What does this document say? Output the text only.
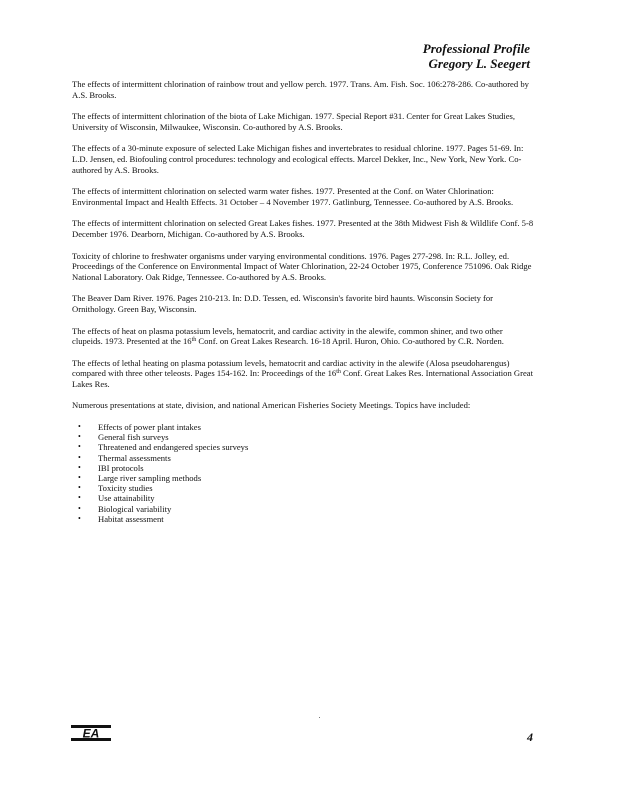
Professional Profile
Gregory L. Seegert

The effects of intermittent chlorination of rainbow trout and yellow perch. 1977. Trans. Am. Fish. Soc. 106:278-286. Co-authored by A.S. Brooks.

The effects of intermittent chlorination of the biota of Lake Michigan. 1977. Special Report #31. Center for Great Lakes Studies, University of Wisconsin, Milwaukee, Wisconsin. Co-authored by A.S. Brooks.

The effects of a 30-minute exposure of selected Lake Michigan fishes and invertebrates to residual chlorine. 1977. Pages 51-69. In: L.D. Jensen, ed. Biofouling control procedures: technology and ecological effects. Marcel Dekker, Inc., New York, New York. Co-authored by A.S. Brooks.

The effects of intermittent chlorination on selected warm water fishes. 1977. Presented at the Conf. on Water Chlorination: Environmental Impact and Health Effects. 31 October – 4 November 1977. Gatlinburg, Tennessee. Co-authored by A.S. Brooks.

The effects of intermittent chlorination on selected Great Lakes fishes. 1977. Presented at the 38th Midwest Fish & Wildlife Conf. 5-8 December 1976. Dearborn, Michigan. Co-authored by A.S. Brooks.

Toxicity of chlorine to freshwater organisms under varying environmental conditions. 1976. Pages 277-298. In: R.L. Jolley, ed. Proceedings of the Conference on Environmental Impact of Water Chlorination, 22-24 October 1975, Conference 751096. Oak Ridge National Laboratory. Oak Ridge, Tennessee. Co-authored by A.S. Brooks.

The Beaver Dam River. 1976. Pages 210-213. In: D.D. Tessen, ed. Wisconsin's favorite bird haunts. Wisconsin Society for Ornithology. Green Bay, Wisconsin.

The effects of heat on plasma potassium levels, hematocrit, and cardiac activity in the alewife, common shiner, and two other clupeids. 1973. Presented at the 16th Conf. on Great Lakes Research. 16-18 April. Huron, Ohio. Co-authored by C.R. Norden.

The effects of lethal heating on plasma potassium levels, hematocrit and cardiac activity in the alewife (Alosa pseudoharengus) compared with three other teleosts. Pages 154-162. In: Proceedings of the 16th Conf. Great Lakes Res. International Association Great Lakes Res.

Numerous presentations at state, division, and national American Fisheries Society Meetings. Topics have included:

• Effects of power plant intakes
• General fish surveys
• Threatened and endangered species surveys
• Thermal assessments
• IBI protocols
• Large river sampling methods
• Toxicity studies
• Use attainability
• Biological variability
• Habitat assessment
EA	4
